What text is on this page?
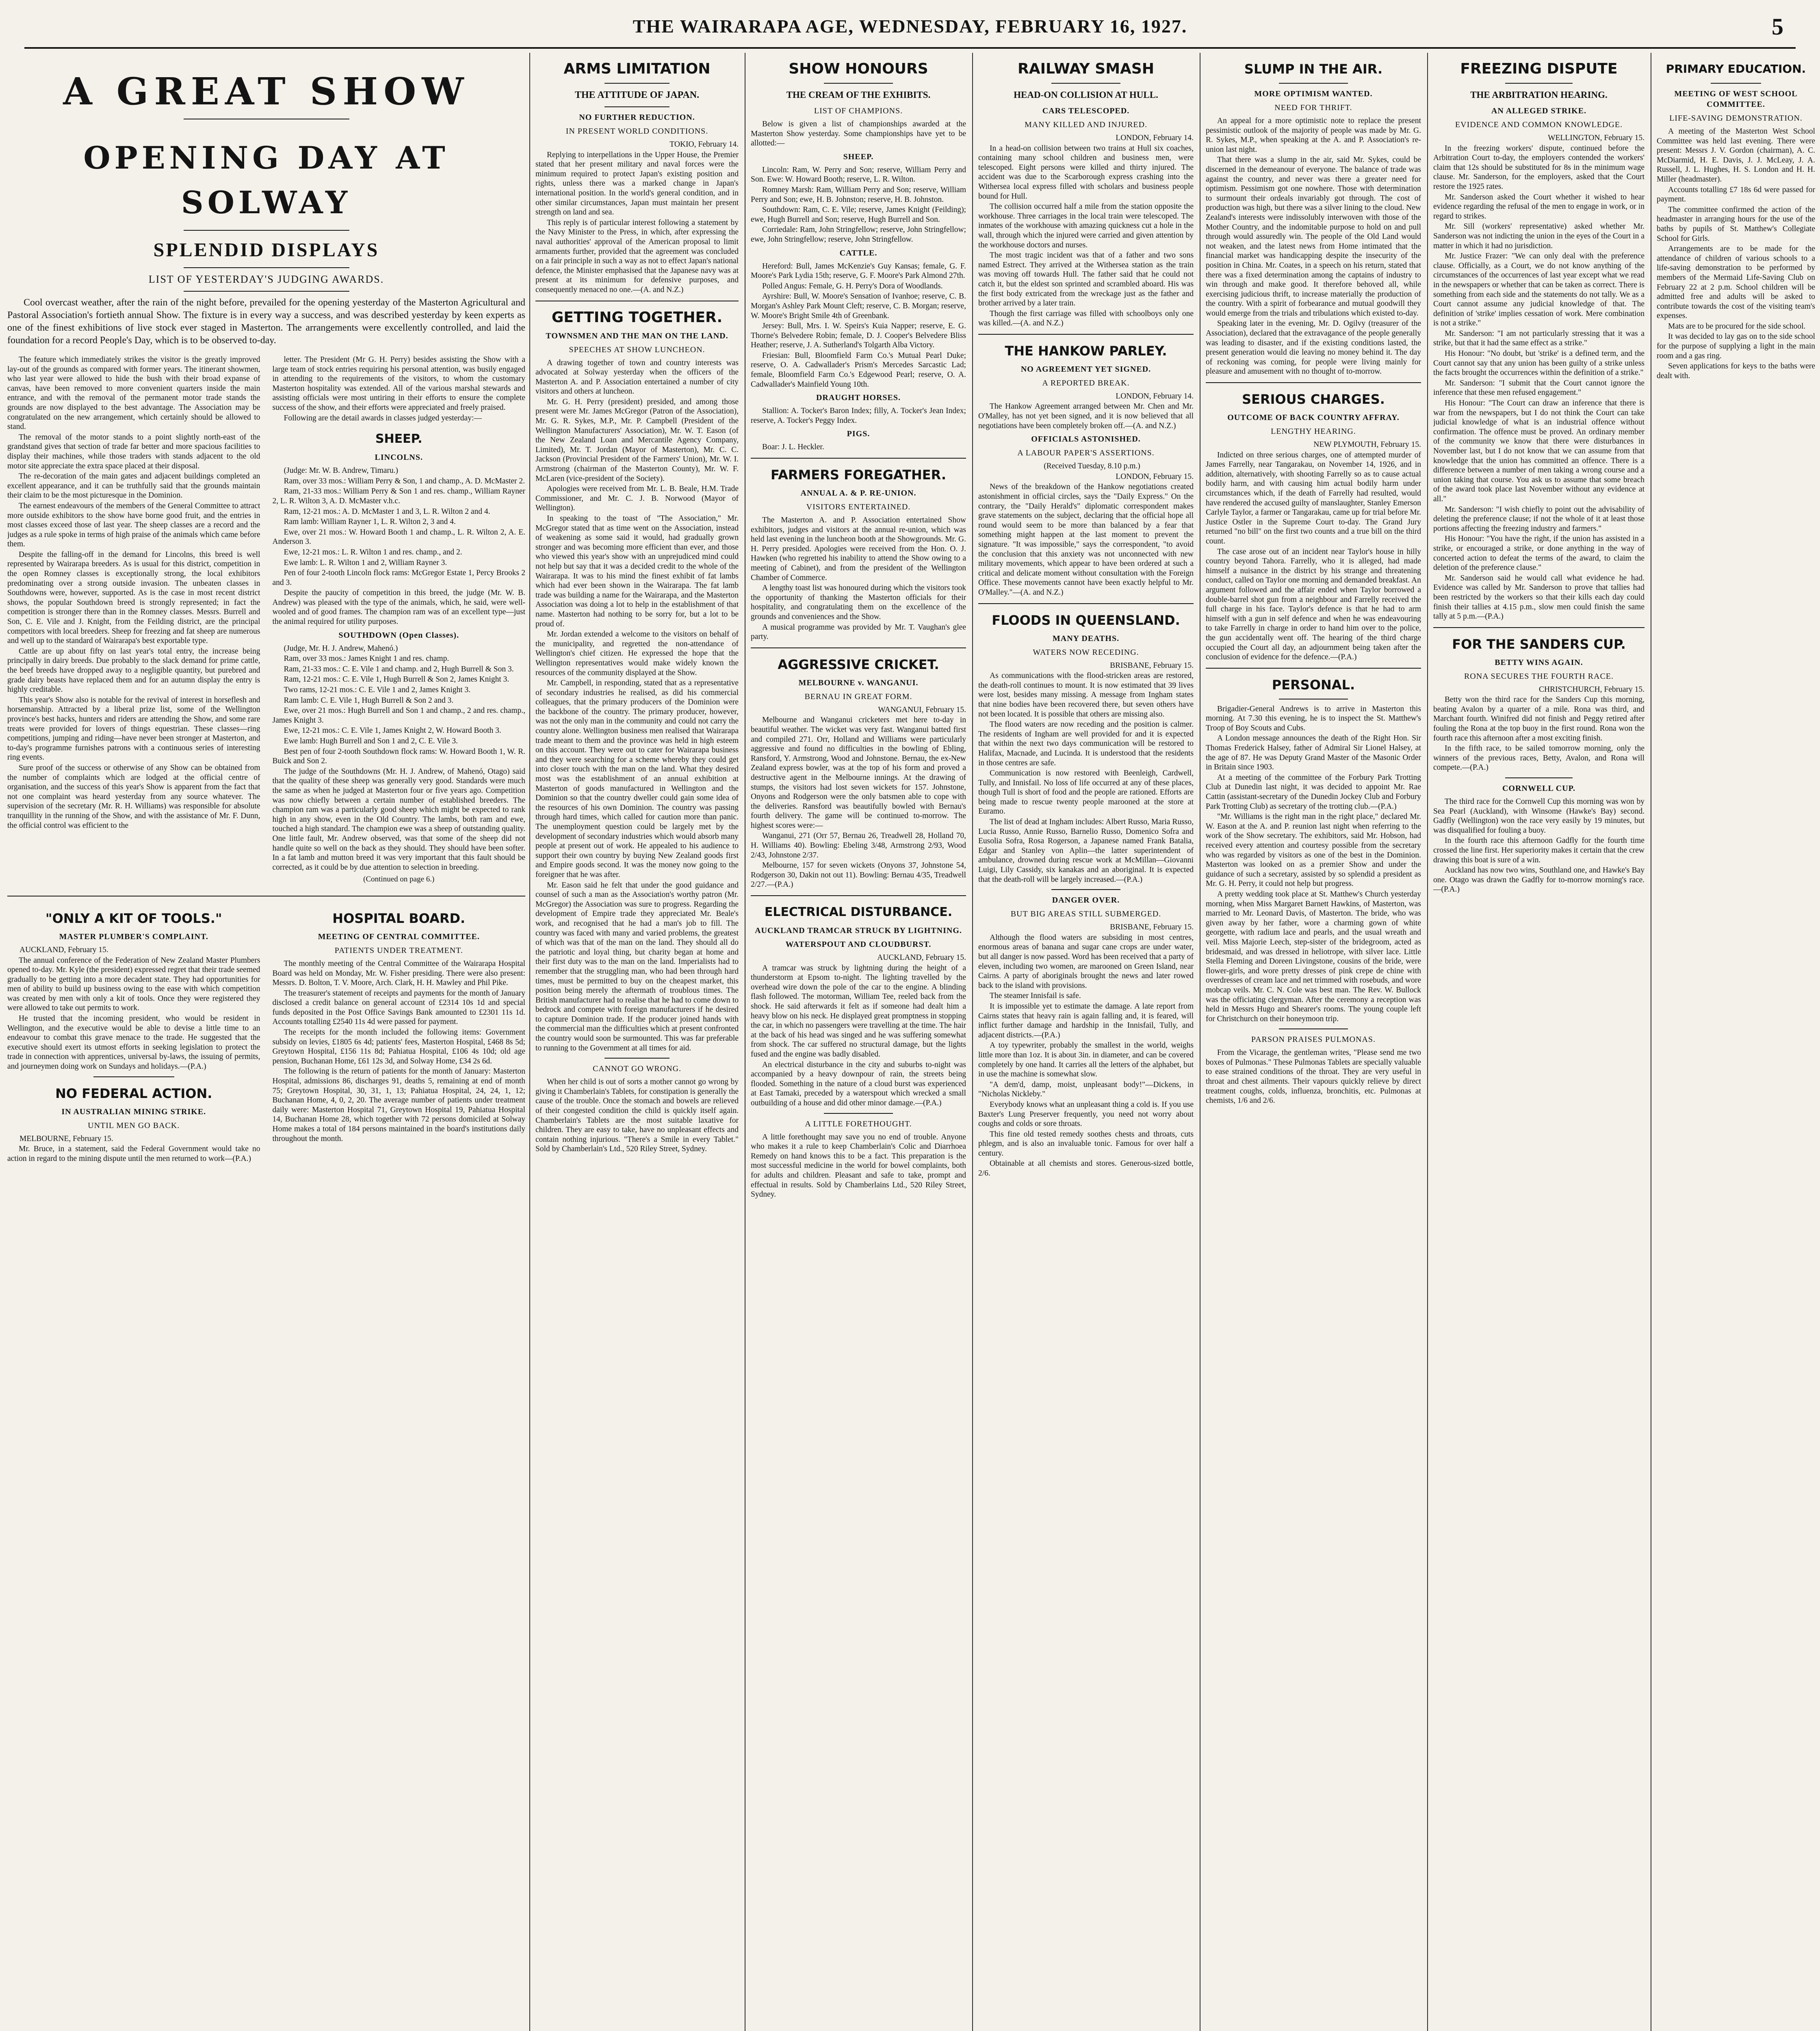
THE WAIRARAPA AGE, WEDNESDAY, FEBRUARY 16, 1927.	5
A GREAT SHOW
OPENING DAY AT SOLWAY
SPLENDID DISPLAYS
LIST OF YESTERDAY'S JUDGING AWARDS.
Cool overcast weather, after the rain of the night before, prevailed for the opening yesterday of the Masterton Agricultural and Pastoral Association's fortieth annual Show. The fixture is in every way a success, and was described yesterday by keen experts as one of the finest exhibitions of live stock ever staged in Masterton. The arrangements were excellently controlled, and laid the foundation for a record People's Day, which is to be observed to-day.

The feature which immediately strikes the visitor is the greatly improved lay-out of the grounds as compared with former years. The itinerant showmen, who last year were allowed to hide the bush with their broad expanse of canvas, have been removed to more convenient quarters inside the main entrance, and with the removal of the permanent motor trade stands the grounds are now displayed to the best advantage. The Association may be congratulated on the new arrangement, which certainly should be allowed to stand.

The removal of the motor stands to a point slightly north-east of the grandstand gives that section of trade far better and more spacious facilities to display their machines, while those traders with stands adjacent to the old motor site appreciate the extra space placed at their disposal.

The re-decoration of the main gates and adjacent buildings completed an excellent appearance, and it can be truthfully said that the grounds maintain their claim to be the most picturesque in the Dominion.

The earnest endeavours of the members of the General Committee to attract more outside exhibitors to the show have borne good fruit, and the entries in most classes exceed those of last year. The sheep classes are a record and the judges as a rule spoke in terms of high praise of the animals which came before them.

Despite the falling-off in the demand for Lincolns, this breed is well represented by Wairarapa breeders. As is usual for this district, competition in the open Romney classes is exceptionally strong, the local exhibitors predominating over a strong outside invasion. The unbeaten classes in Southdowns were, however, supported. As is the case in most recent district shows, the popular Southdown breed is strongly represented; in fact the competition is stronger there than in the Romney classes. Messrs. Burrell and Son, C. E. Vile and J. Knight, from the Feilding district, are the principal competitors with local breeders. Sheep for freezing and fat sheep are numerous and well up to the standard of Wairarapa's best exportable type.

Cattle are up about fifty on last year's total entry, the increase being principally in dairy breeds. Due probably to the slack demand for prime cattle, the beef breeds have dropped away to a negligible quantity, but purebred and grade dairy beasts have replaced them and for an autumn display the entry is highly creditable.

This year's Show also is notable for the revival of interest in horseflesh and horsemanship. Attracted by a liberal prize list, some of the Wellington province's best hacks, hunters and riders are attending the Show, and some rare treats were provided for lovers of things equestrian. These classes—ring competitions, jumping and riding—have never been stronger at Masterton, and to-day's programme furnishes patrons with a continuous series of interesting ring events.

Sure proof of the success or otherwise of any Show can be obtained from the number of complaints which are lodged at the official centre of organisation, and the success of this year's Show is apparent from the fact that not one complaint was heard yesterday from any source whatever. The supervision of the secretary (Mr. R. H. Williams) was responsible for absolute tranquillity in the running of the Show, and with the assistance of Mr. F. Dunn, the official control was efficient to the

letter. The President (Mr G. H. Perry) besides assisting the Show with a large team of stock entries requiring his personal attention, was busily engaged in attending to the requirements of the visitors, to whom the customary Masterton hospitality was extended. All of the various marshal stewards and assisting officials were most untiring in their efforts to ensure the complete success of the show, and their efforts were appreciated and freely praised.

Following are the detail awards in classes judged yesterday:—

SHEEP.
LINCOLNS.

(Judge: Mr. W. B. Andrew, Timaru.)

Ram, over 33 mos.: William Perry & Son, 1 and champ., A. D. McMaster 2.

Ram, 21-33 mos.: William Perry & Son 1 and res. champ., William Rayner 2, L. R. Wilton 3, A. D. McMaster v.h.c.

Ram, 12-21 mos.: A. D. McMaster 1 and 3, L. R. Wilton 2 and 4.

Ram lamb: William Rayner 1, L. R. Wilton 2, 3 and 4.

Ewe, over 21 mos.: W. Howard Booth 1 and champ., L. R. Wilton 2, A. E. Anderson 3.

Ewe, 12-21 mos.: L. R. Wilton 1 and res. champ., and 2.

Ewe lamb: L. R. Wilton 1 and 2, William Rayner 3.

Pen of four 2-tooth Lincoln flock rams: McGregor Estate 1, Percy Brooks 2 and 3.

Despite the paucity of competition in this breed, the judge (Mr. W. B. Andrew) was pleased with the type of the animals, which, he said, were well-wooled and of good frames. The champion ram was of an excellent type—just the animal required for utility purposes.

SOUTHDOWN (Open Classes).

(Judge, Mr. H. J. Andrew, Mahenó.)

Ram, over 33 mos.: James Knight 1 and res. champ.

Ram, 21-33 mos.: C. E. Vile 1 and champ. and 2, Hugh Burrell & Son 3.

Ram, 12-21 mos.: C. E. Vile 1, Hugh Burrell & Son 2, James Knight 3.

Two rams, 12-21 mos.: C. E. Vile 1 and 2, James Knight 3.

Ram lamb: C. E. Vile 1, Hugh Burrell & Son 2 and 3.

Ewe, over 21 mos.: Hugh Burrell and Son 1 and champ., 2 and res. champ., James Knight 3.

Ewe, 12-21 mos.: C. E. Vile 1, James Knight 2, W. Howard Booth 3.

Ewe lamb: Hugh Burrell and Son 1 and 2, C. E. Vile 3.

Best pen of four 2-tooth Southdown flock rams: W. Howard Booth 1, W. R. Buick and Son 2.

The judge of the Southdowns (Mr. H. J. Andrew, of Mahenó, Otago) said that the quality of these sheep was generally very good. Standards were much the same as when he judged at Masterton four or five years ago. Competition was now chiefly between a certain number of established breeders. The champion ram was a particularly good sheep which might be expected to rank high in any show, even in the Old Country. The lambs, both ram and ewe, touched a high standard. The champion ewe was a sheep of outstanding quality. One little fault, Mr. Andrew observed, was that some of the sheep did not handle quite so well on the back as they should. They should have been softer. In a fat lamb and mutton breed it was very important that this fault should be corrected, as it could be by due attention to selection in breeding.

(Continued on page 6.)
"ONLY A KIT OF TOOLS."
MASTER PLUMBER'S COMPLAINT.

AUCKLAND, February 15.

The annual conference of the Federation of New Zealand Master Plumbers opened to-day. Mr. Kyle (the president) expressed regret that their trade seemed gradually to be getting into a more decadent state. They had opportunities for men of ability to build up business owing to the ease with which competition was created by men with only a kit of tools. Once they were registered they were allowed to take out permits to work.

He trusted that the incoming president, who would be resident in Wellington, and the executive would be able to devise a little time to an endeavour to combat this grave menace to the trade. He suggested that the executive should exert its utmost efforts in seeking legislation to protect the trade in connection with apprentices, universal by-laws, the issuing of permits, and journeymen doing work on Sundays and holidays.—(P.A.)

NO FEDERAL ACTION.
IN AUSTRALIAN MINING STRIKE.
UNTIL MEN GO BACK.

MELBOURNE, February 15.

Mr. Bruce, in a statement, said the Federal Government would take no action in regard to the mining dispute until the men returned to work—(P.A.)

HOSPITAL BOARD.
MEETING OF CENTRAL COMMITTEE.
PATIENTS UNDER TREATMENT.

The monthly meeting of the Central Committee of the Wairarapa Hospital Board was held on Monday, Mr. W. Fisher presiding. There were also present: Messrs. D. Bolton, T. V. Moore, Arch. Clark, H. H. Mawley and Phil Pike.

The treasurer's statement of receipts and payments for the month of January disclosed a credit balance on general account of £2314 10s 1d and special funds deposited in the Post Office Savings Bank amounted to £2301 11s 1d. Accounts totalling £2540 11s 4d were passed for payment.

The receipts for the month included the following items: Government subsidy on levies, £1805 6s 4d; patients' fees, Masterton Hospital, £468 8s 5d; Greytown Hospital, £156 11s 8d; Pahiatua Hospital, £106 4s 10d; old age pension, Buchanan Home, £61 12s 3d, and Solway Home, £34 2s 6d.

The following is the return of patients for the month of January: Masterton Hospital, admissions 86, discharges 91, deaths 5, remaining at end of month 75; Greytown Hospital, 30, 31, 1, 13; Pahiatua Hospital, 24, 24, 1, 12; Buchanan Home, 4, 0, 2, 20. The average number of patients under treatment daily were: Masterton Hospital 71, Greytown Hospital 19, Pahiatua Hospital 14, Buchanan Home 28, which together with 72 persons domiciled at Solway Home makes a total of 184 persons maintained in the board's institutions daily throughout the month.

ARMS LIMITATION
THE ATTITUDE OF JAPAN.
NO FURTHER REDUCTION.
IN PRESENT WORLD CONDITIONS.

TOKIO, February 14.

Replying to interpellations in the Upper House, the Premier stated that her present military and naval forces were the minimum required to protect Japan's existing position and rights, unless there was a marked change in Japan's international position. In the world's general condition, and in other similar circumstances, Japan must maintain her present strength on land and sea.

This reply is of particular interest following a statement by the Navy Minister to the Press, in which, after expressing the naval authorities' approval of the American proposal to limit armaments further, provided that the agreement was concluded on a fair principle in such a way as not to effect Japan's national defence, the Minister emphasised that the Japanese navy was at present at its minimum for defensive purposes, and consequently menaced no one.—(A. and N.Z.)

GETTING TOGETHER.
TOWNSMEN AND THE MAN ON THE LAND.
SPEECHES AT SHOW LUNCHEON.

A drawing together of town and country interests was advocated at Solway yesterday when the officers of the Masterton A. and P. Association entertained a number of city visitors and others at luncheon.

Mr. G. H. Perry (president) presided, and among those present were Mr. James McGregor (Patron of the Association), Mr. G. R. Sykes, M.P., Mr. P. Campbell (President of the Wellington Manufacturers' Association), Mr. W. T. Eason (of the New Zealand Loan and Mercantile Agency Company, Limited), Mr. T. Jordan (Mayor of Masterton), Mr. C. C. Jackson (Provincial President of the Farmers' Union), Mr. W. I. Armstrong (chairman of the Masterton County), Mr. W. F. McLaren (vice-president of the Society).

Apologies were received from Mr. L. B. Beale, H.M. Trade Commissioner, and Mr. C. J. B. Norwood (Mayor of Wellington).

In speaking to the toast of "The Association," Mr. McGregor stated that as time went on the Association, instead of weakening as some said it would, had gradually grown stronger and was becoming more efficient than ever, and those who viewed this year's show with an unprejudiced mind could not help but say that it was a decided credit to the whole of the Wairarapa. It was to his mind the finest exhibit of fat lambs which had ever been shown in the Wairarapa. The fat lamb trade was building a name for the Wairarapa, and the Masterton Association was doing a lot to help in the establishment of that name. Masterton had nothing to be sorry for, but a lot to be proud of.

Mr. Jordan extended a welcome to the visitors on behalf of the municipality, and regretted the non-attendance of Wellington's chief citizen. He expressed the hope that the Wellington representatives would make widely known the resources of the community displayed at the Show.

Mr. Campbell, in responding, stated that as a representative of secondary industries he realised, as did his commercial colleagues, that the primary producers of the Dominion were the backbone of the country. The primary producer, however, was not the only man in the community and could not carry the country alone. Wellington business men realised that Wairarapa trade meant to them and the province was held in high esteem on this account. They were out to cater for Wairarapa business and they were searching for a scheme whereby they could get into closer touch with the man on the land. What they desired most was the establishment of an annual exhibition at Masterton of goods manufactured in Wellington and the Dominion so that the country dweller could gain some idea of the resources of his own Dominion. The country was passing through hard times, which called for caution more than panic. The unemployment question could be largely met by the development of secondary industries which would absorb many people at present out of work. He appealed to his audience to support their own country by buying New Zealand goods first and Empire goods second. It was the money now going to the foreigner that he was after.

Mr. Eason said he felt that under the good guidance and counsel of such a man as the Association's worthy patron (Mr. McGregor) the Association was sure to progress. Regarding the development of Empire trade they appreciated Mr. Beale's work, and recognised that he had a man's job to fill. The country was faced with many and varied problems, the greatest of which was that of the man on the land. They should all do the patriotic and loyal thing, but charity began at home and their first duty was to the man on the land. Imperialists had to remember that the struggling man, who had been through hard times, must be permitted to buy on the cheapest market, this position being merely the aftermath of troublous times. The British manufacturer had to realise that he had to come down to bedrock and compete with foreign manufacturers if he desired to capture Dominion trade. If the producer joined hands with the commercial man the difficulties which at present confronted the country would soon be surmounted. This was far preferable to running to the Government at all times for aid.

CANNOT GO WRONG.

When her child is out of sorts a mother cannot go wrong by giving it Chamberlain's Tablets, for constipation is generally the cause of the trouble. Once the stomach and bowels are relieved of their congested condition the child is quickly itself again. Chamberlain's Tablets are the most suitable laxative for children. They are easy to take, have no unpleasant effects and contain nothing injurious. "There's a Smile in every Tablet." Sold by Chamberlain's Ltd., 520 Riley Street, Sydney.

SHOW HONOURS
THE CREAM OF THE EXHIBITS.
LIST OF CHAMPIONS.

Below is given a list of championships awarded at the Masterton Show yesterday. Some championships have yet to be allotted:—

SHEEP.

Lincoln: Ram, W. Perry and Son; reserve, William Perry and Son. Ewe: W. Howard Booth; reserve, L. R. Wilton.

Romney Marsh: Ram, William Perry and Son; reserve, William Perry and Son; ewe, H. B. Johnston; reserve, H. B. Johnston.

Southdown: Ram, C. E. Vile; reserve, James Knight (Feilding); ewe, Hugh Burrell and Son; reserve, Hugh Burrell and Son.

Corriedale: Ram, John Stringfellow; reserve, John Stringfellow; ewe, John Stringfellow; reserve, John Stringfellow.

CATTLE.

Hereford: Bull, James McKenzie's Guy Kansas; female, G. F. Moore's Park Lydia 15th; reserve, G. F. Moore's Park Almond 27th.

Polled Angus: Female, G. H. Perry's Dora of Woodlands.

Ayrshire: Bull, W. Moore's Sensation of Ivanhoe; reserve, C. B. Morgan's Ashley Park Mount Cleft; reserve, C. B. Morgan; reserve, W. Moore's Bright Smile 4th of Greenbank.

Jersey: Bull, Mrs. I. W. Speirs's Kuia Napper; reserve, E. G. Thorne's Belvedere Robin; female, D. J. Cooper's Belvedere Bliss Heather; reserve, J. A. Sutherland's Tolgarth Alba Victory.

Friesian: Bull, Bloomfield Farm Co.'s Mutual Pearl Duke; reserve, O. A. Cadwallader's Prism's Mercedes Sarcastic Lad; female, Bloomfield Farm Co.'s Edgewood Pearl; reserve, O. A. Cadwallader's Mainfield Young 10th.

DRAUGHT HORSES.

Stallion: A. Tocker's Baron Index; filly, A. Tocker's Jean Index; reserve, A. Tocker's Peggy Index.

PIGS.

Boar: J. L. Heckler.

FARMERS FOREGATHER.
ANNUAL A. & P. RE-UNION.
VISITORS ENTERTAINED.

The Masterton A. and P. Association entertained Show exhibitors, judges and visitors at the annual re-union, which was held last evening in the luncheon booth at the Showgrounds. Mr. G. H. Perry presided. Apologies were received from the Hon. O. J. Hawken (who regretted his inability to attend the Show owing to a meeting of Cabinet), and from the president of the Wellington Chamber of Commerce.

A lengthy toast list was honoured during which the visitors took the opportunity of thanking the Masterton officials for their hospitality, and congratulating them on the excellence of the grounds and conveniences and the Show.

A musical programme was provided by Mr. T. Vaughan's glee party.

AGGRESSIVE CRICKET.
MELBOURNE v. WANGANUI.
BERNAU IN GREAT FORM.

WANGANUI, February 15.

Melbourne and Wanganui cricketers met here to-day in beautiful weather. The wicket was very fast. Wanganui batted first and compiled 271. Orr, Holland and Williams were particularly aggressive and found no difficulties in the bowling of Ebling, Ransford, Y. Armstrong, Wood and Johnstone. Bernau, the ex-New Zealand express bowler, was at the top of his form and proved a destructive agent in the Melbourne innings. At the drawing of stumps, the visitors had lost seven wickets for 157. Johnstone, Onyons and Rodgerson were the only batsmen able to cope with the deliveries. Ransford was beautifully bowled with Bernau's fourth delivery. The game will be continued to-morrow. The highest scores were:—

Wanganui, 271 (Orr 57, Bernau 26, Treadwell 28, Holland 70, H. Williams 40). Bowling: Ebeling 3/48, Armstrong 2/93, Wood 2/43, Johnstone 2/37.

Melbourne, 157 for seven wickets (Onyons 37, Johnstone 54, Rodgerson 30, Dakin not out 11). Bowling: Bernau 4/35, Treadwell 2/27.—(P.A.)

ELECTRICAL DISTURBANCE.
AUCKLAND TRAMCAR STRUCK BY LIGHTNING.
WATERSPOUT AND CLOUDBURST.

AUCKLAND, February 15.

A tramcar was struck by lightning during the height of a thunderstorm at Epsom to-night. The lighting travelled by the overhead wire down the pole of the car to the engine. A blinding flash followed. The motorman, William Tee, reeled back from the shock. He said afterwards it felt as if someone had dealt him a heavy blow on his neck. He displayed great promptness in stopping the car, in which no passengers were travelling at the time. The hair at the back of his head was singed and he was suffering somewhat from shock. The car suffered no structural damage, but the lights fused and the engine was badly disabled.

An electrical disturbance in the city and suburbs to-night was accompanied by a heavy downpour of rain, the streets being flooded. Something in the nature of a cloud burst was experienced at East Tamaki, preceded by a waterspout which wrecked a small outbuilding of a house and did other minor damage.—(P.A.)

A LITTLE FORETHOUGHT.

A little forethought may save you no end of trouble. Anyone who makes it a rule to keep Chamberlain's Colic and Diarrhoea Remedy on hand knows this to be a fact. This preparation is the most successful medicine in the world for bowel complaints, both for adults and children. Pleasant and safe to take, prompt and effectual in results. Sold by Chamberlains Ltd., 520 Riley Street, Sydney.

RAILWAY SMASH
HEAD-ON COLLISION AT HULL.
CARS TELESCOPED.
MANY KILLED AND INJURED.

LONDON, February 14.

In a head-on collision between two trains at Hull six coaches, containing many school children and business men, were telescoped. Eight persons were killed and thirty injured. The accident was due to the Scarborough express crashing into the Withersea local express filled with scholars and business people bound for Hull.

The collision occurred half a mile from the station opposite the workhouse. Three carriages in the local train were telescoped. The inmates of the workhouse with amazing quickness cut a hole in the wall, through which the injured were carried and given attention by the workhouse doctors and nurses.

The most tragic incident was that of a father and two sons named Estrect. They arrived at the Withersea station as the train was moving off towards Hull. The father said that he could not catch it, but the eldest son sprinted and scrambled aboard. His was the first body extricated from the wreckage just as the father and brother arrived by a later train.

Though the first carriage was filled with schoolboys only one was killed.—(A. and N.Z.)

THE HANKOW PARLEY.
NO AGREEMENT YET SIGNED.
A REPORTED BREAK.

LONDON, February 14.

The Hankow Agreement arranged between Mr. Chen and Mr. O'Malley, has not yet been signed, and it is now believed that all negotiations have been completely broken off.—(A. and N.Z.)

OFFICIALS ASTONISHED.
A LABOUR PAPER'S ASSERTIONS.

(Received Tuesday, 8.10 p.m.)

LONDON, February 15.

News of the breakdown of the Hankow negotiations created astonishment in official circles, says the "Daily Express." On the contrary, the "Daily Herald's" diplomatic correspondent makes grave statements on the subject, declaring that the official hope all round would seem to be more than balanced by a fear that something might happen at the last moment to prevent the signature. "It was impossible," says the correspondent, "to avoid the conclusion that this anxiety was not unconnected with new military movements, which appear to have been ordered at such a critical and delicate moment without consultation with the Foreign Office. These movements cannot have been exactly helpful to Mr. O'Malley."—(A. and N.Z.)

FLOODS IN QUEENSLAND.
MANY DEATHS.
WATERS NOW RECEDING.

BRISBANE, February 15.

As communications with the flood-stricken areas are restored, the death-roll continues to mount. It is now estimated that 39 lives were lost, besides many missing. A message from Ingham states that nine bodies have been recovered there, but seven others have not been located. It is possible that others are missing also.

The flood waters are now receding and the position is calmer. The residents of Ingham are well provided for and it is expected that within the next two days communication will be restored to Halifax, Macnade, and Lucinda. It is understood that the residents in those centres are safe.

Communication is now restored with Beenleigh, Cardwell, Tully, and Innisfail. No loss of life occurred at any of these places, though Tull is short of food and the people are rationed. Efforts are being made to rescue twenty people marooned at the store at Euramo.

The list of dead at Ingham includes: Albert Russo, Maria Russo, Lucia Russo, Annie Russo, Barnelio Russo, Domenico Sofra and Eusolia Sofra, Rosa Rogerson, a Japanese named Frank Batalia, Edgar and Stanley von Aplin—the latter superintendent of ambulance, drowned during rescue work at McMillan—Giovanni Luigi, Lily Cassidy, six kanakas and an aboriginal. It is expected that the death-roll will be largely increased.—(P.A.)

DANGER OVER.
BUT BIG AREAS STILL SUBMERGED.

BRISBANE, February 15.

Although the flood waters are subsiding in most centres, enormous areas of banana and sugar cane crops are under water, but all danger is now passed. Word has been received that a party of eleven, including two women, are marooned on Green Island, near Cairns. A party of aboriginals brought the news and later rowed back to the island with provisions.

The steamer Innisfail is safe.

It is impossible yet to estimate the damage. A late report from Cairns states that heavy rain is again falling and, it is feared, will inflict further damage and hardship in the Innisfail, Tully, and adjacent districts.—(P.A.)

A toy typewriter, probably the smallest in the world, weighs little more than 1oz. It is about 3in. in diameter, and can be covered completely by one hand. It carries all the letters of the alphabet, but in use the machine is somewhat slow.

"A dem'd, damp, moist, unpleasant body!"—Dickens, in "Nicholas Nickleby."

Everybody knows what an unpleasant thing a cold is. If you use Baxter's Lung Preserver frequently, you need not worry about coughs and colds or sore throats.

This fine old tested remedy soothes chests and throats, cuts phlegm, and is also an invaluable tonic. Famous for over half a century.

Obtainable at all chemists and stores. Generous-sized bottle, 2/6.

SLUMP IN THE AIR.
MORE OPTIMISM WANTED.
NEED FOR THRIFT.

An appeal for a more optimistic note to replace the present pessimistic outlook of the majority of people was made by Mr. G. R. Sykes, M.P., when speaking at the A. and P. Association's re-union last night.

That there was a slump in the air, said Mr. Sykes, could be discerned in the demeanour of everyone. The balance of trade was against the country, and never was there a greater need for optimism. Pessimism got one nowhere. Those with determination to surmount their ordeals invariably got through. The cost of production was high, but there was a silver lining to the cloud. New Zealand's interests were indissolubly interwoven with those of the Mother Country, and the indomitable purpose to hold on and pull through would assuredly win. The people of the Old Land would not weaken, and the latest news from Home intimated that the financial market was handicapping despite the insecurity of the position in China. Mr. Coates, in a speech on his return, stated that there was a fixed determination among the captains of industry to win through and make good. It therefore behoved all, while exercising judicious thrift, to increase materially the production of the country. With a spirit of forbearance and mutual goodwill they would emerge from the trials and tribulations which existed to-day.

Speaking later in the evening, Mr. D. Ogilvy (treasurer of the Association), declared that the extravagance of the people generally was leading to disaster, and if the existing conditions lasted, the present generation would die leaving no money behind it. The day of reckoning was coming, for people were living mainly for pleasure and amusement with no thought of to-morrow.

SERIOUS CHARGES.
OUTCOME OF BACK COUNTRY AFFRAY.
LENGTHY HEARING.

NEW PLYMOUTH, February 15.

Indicted on three serious charges, one of attempted murder of James Farrelly, near Tangarakau, on November 14, 1926, and in addition, alternatively, with shooting Farrelly so as to cause actual bodily harm, and with causing him actual bodily harm under circumstances which, if the death of Farrelly had resulted, would have rendered the accused guilty of manslaughter, Stanley Emerson Carlyle Taylor, a farmer or Tangarakau, came up for trial before Mr. Justice Ostler in the Supreme Court to-day. The Grand Jury returned "no bill" on the first two counts and a true bill on the third count.

The case arose out of an incident near Taylor's house in hilly country beyond Tahora. Farrelly, who it is alleged, had made himself a nuisance in the district by his strange and threatening conduct, called on Taylor one morning and demanded breakfast. An argument followed and the affair ended when Taylor borrowed a double-barrel shot gun from a neighbour and Farrelly received the full charge in his face. Taylor's defence is that he had to arm himself with a gun in self defence and when he was endeavouring to take Farrelly in charge in order to hand him over to the police, the gun accidentally went off. The hearing of the third charge occupied the Court all day, an adjournment being taken after the conclusion of evidence for the defence.—(P.A.)

PERSONAL.

Brigadier-General Andrews is to arrive in Masterton this morning. At 7.30 this evening, he is to inspect the St. Matthew's Troop of Boy Scouts and Cubs.

A London message announces the death of the Right Hon. Sir Thomas Frederick Halsey, father of Admiral Sir Lionel Halsey, at the age of 87. He was Deputy Grand Master of the Masonic Order in Britain since 1903.

At a meeting of the committee of the Forbury Park Trotting Club at Dunedin last night, it was decided to appoint Mr. Rae Cattin (assistant-secretary of the Dunedin Jockey Club and Forbury Park Trotting Club) as secretary of the trotting club.—(P.A.)

"Mr. Williams is the right man in the right place," declared Mr. W. Eason at the A. and P. reunion last night when referring to the work of the Show secretary. The exhibitors, said Mr. Hobson, had received every attention and courtesy possible from the secretary who was regarded by visitors as one of the best in the Dominion. Masterton was looked on as a premier Show and under the guidance of such a secretary, assisted by so splendid a president as Mr. G. H. Perry, it could not help but progress.

A pretty wedding took place at St. Matthew's Church yesterday morning, when Miss Margaret Barnett Hawkins, of Masterton, was married to Mr. Leonard Davis, of Masterton. The bride, who was given away by her father, wore a charming gown of white georgette, with radium lace and pearls, and the usual wreath and veil. Miss Majorie Leech, step-sister of the bridegroom, acted as bridesmaid, and was dressed in heliotrope, with silver lace. Little Stella Fleming and Doreen Livingstone, cousins of the bride, were flower-girls, and wore pretty dresses of pink crepe de chine with overdresses of cream lace and net trimmed with rosebuds, and wore mobcap veils. Mr. C. N. Cole was best man. The Rev. W. Bullock was the officiating clergyman. After the ceremony a reception was held in Messrs Hugo and Shearer's rooms. The young couple left for Christchurch on their honeymoon trip.

PARSON PRAISES PULMONAS.

From the Vicarage, the gentleman writes, "Please send me two boxes of Pulmonas." These Pulmonas Tablets are specially valuable to ease strained conditions of the throat. They are very useful in throat and chest ailments. Their vapours quickly relieve by direct treatment coughs, colds, influenza, bronchitis, etc. Pulmonas at chemists, 1/6 and 2/6.

FREEZING DISPUTE
THE ARBITRATION HEARING.
AN ALLEGED STRIKE.
EVIDENCE AND COMMON KNOWLEDGE.

WELLINGTON, February 15.

In the freezing workers' dispute, continued before the Arbitration Court to-day, the employers contended the workers' claim that 12s should be substituted for 8s in the minimum wage clause. Mr. Sanderson, for the employers, asked that the Court restore the 1925 rates.

Mr. Sanderson asked the Court whether it wished to hear evidence regarding the refusal of the men to engage in work, or in regard to strikes.

Mr. Sill (workers' representative) asked whether Mr. Sanderson was not indicting the union in the eyes of the Court in a matter in which it had no jurisdiction.

Mr. Justice Frazer: "We can only deal with the preference clause. Officially, as a Court, we do not know anything of the circumstances of the occurrences of last year except what we read in the newspapers or whether that can be taken as correct. There is something from each side and the statements do not tally. We as a Court cannot assume any judicial knowledge of that. The definition of 'strike' implies cessation of work. Mere combination is not a strike."

Mr. Sanderson: "I am not particularly stressing that it was a strike, but that it had the same effect as a strike."

His Honour: "No doubt, but 'strike' is a defined term, and the Court cannot say that any union has been guilty of a strike unless the facts brought the occurrences within the definition of a strike."

Mr. Sanderson: "I submit that the Court cannot ignore the inference that these men refused engagement."

His Honour: "The Court can draw an inference that there is war from the newspapers, but I do not think the Court can take judicial knowledge of what is an industrial offence without confirmation. The offence must be proved. An ordinary member of the community we know that there were disturbances in November last, but I do not know that we can assume from that knowledge that the union has committed an offence. There is a difference between a number of men taking a wrong course and a union taking that course. You ask us to assume that some breach of the award took place last November without any evidence at all."

Mr. Sanderson: "I wish chiefly to point out the advisability of deleting the preference clause; if not the whole of it at least those portions affecting the freezing industry and farmers."

His Honour: "You have the right, if the union has assisted in a strike, or encouraged a strike, or done anything in the way of concerted action to defeat the terms of the award, to claim the deletion of the preference clause."

Mr. Sanderson said he would call what evidence he had. Evidence was called by Mr. Sanderson to prove that tallies had been restricted by the workers so that their kills each day could finish their tallies at 4.15 p.m., slow men could finish the same tally at 5 p.m.—(P.A.)

FOR THE SANDERS CUP.
BETTY WINS AGAIN.
RONA SECURES THE FOURTH RACE.

CHRISTCHURCH, February 15.

Betty won the third race for the Sanders Cup this morning, beating Avalon by a quarter of a mile. Rona was third, and Marchant fourth. Winifred did not finish and Peggy retired after fouling the Rona at the top buoy in the first round. Rona won the fourth race this afternoon after a most exciting finish.

In the fifth race, to be sailed tomorrow morning, only the winners of the previous races, Betty, Avalon, and Rona will compete.—(P.A.)

CORNWELL CUP.

The third race for the Cornwell Cup this morning was won by Sea Pearl (Auckland), with Winsome (Hawke's Bay) second. Gadfly (Wellington) won the race very easily by 19 minutes, but was disqualified for fouling a buoy.

In the fourth race this afternoon Gadfly for the fourth time crossed the line first. Her superiority makes it certain that the crew drawing this boat is sure of a win.

Auckland has now two wins, Southland one, and Hawke's Bay one. Otago was drawn the Gadfly for to-morrow morning's race.—(P.A.)

PRIMARY EDUCATION.
MEETING OF WEST SCHOOL COMMITTEE.
LIFE-SAVING DEMONSTRATION.

A meeting of the Masterton West School Committee was held last evening. There were present: Messrs J. V. Gordon (chairman), A. C. McDiarmid, H. E. Davis, J. J. McLeay, J. A. Russell, J. L. Hughes, H. S. London and H. H. Miller (headmaster).

Accounts totalling £7 18s 6d were passed for payment.

The committee confirmed the action of the headmaster in arranging hours for the use of the baths by pupils of St. Matthew's Collegiate School for Girls.

Arrangements are to be made for the attendance of children of various schools to a life-saving demonstration to be performed by members of the Mermaid Life-Saving Club on February 22 at 2 p.m. School children will be admitted free and adults will be asked to contribute towards the cost of the visiting team's expenses.

Mats are to be procured for the side school.

It was decided to lay gas on to the side school for the purpose of supplying a light in the main room and a gas ring.

Seven applications for keys to the baths were dealt with.
